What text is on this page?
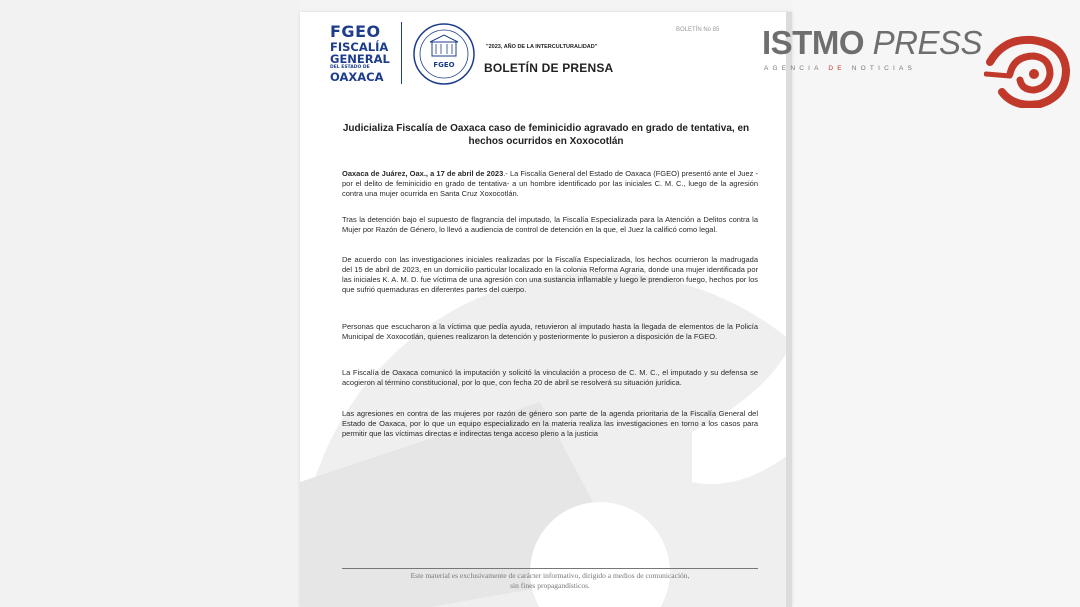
FGEO
FISCALÍA
GENERAL
DEL ESTADO DE
OAXACA
FGEO
"2023, AÑO DE LA INTERCULTURALIDAD"
BOLETÍN DE PRENSA
BOLETÍN No 85
Judicializa Fiscalía de Oaxaca caso de feminicidio agravado en grado de tentativa, en hechos ocurridos en Xoxocotlán

Oaxaca de Juárez, Oax., a 17 de abril de 2023.- La Fiscalía General del Estado de Oaxaca (FGEO) presentó ante el Juez -por el delito de feminicidio en grado de tentativa- a un hombre identificado por las iniciales C. M. C., luego de la agresión contra una mujer ocurrida en Santa Cruz Xoxocotlán.

Tras la detención bajo el supuesto de flagrancia del imputado, la Fiscalía Especializada para la Atención a Delitos contra la Mujer por Razón de Género, lo llevó a audiencia de control de detención en la que, el Juez la calificó como legal.

De acuerdo con las investigaciones iniciales realizadas por la Fiscalía Especializada, los hechos ocurrieron la madrugada del 15 de abril de 2023, en un domicilio particular localizado en la colonia Reforma Agraria, donde una mujer identificada por las iniciales K. A. M. D. fue víctima de una agresión con una sustancia inflamable y luego le prendieron fuego, hechos por los que sufrió quemaduras en diferentes partes del cuerpo.

Personas que escucharon a la víctima que pedía ayuda, retuvieron al imputado hasta la llegada de elementos de la Policía Municipal de Xoxocotlán, quienes realizaron la detención y posteriormente lo pusieron a disposición de la FGEO.

La Fiscalía de Oaxaca comunicó la imputación y solicitó la vinculación a proceso de C. M. C., el imputado y su defensa se acogieron al término constitucional, por lo que, con fecha 20 de abril se resolverá su situación jurídica.

Las agresiones en contra de las mujeres por razón de género son parte de la agenda prioritaria de la Fiscalía General del Estado de Oaxaca, por lo que un equipo especializado en la materia realiza las investigaciones en torno a los casos para permitir que las víctimas directas e indirectas tenga acceso pleno a la justicia

Este material es exclusivamente de carácter informativo, dirigido a medios de comunicación,
sin fines propagandísticos.
ISTMO PRESS
AGENCIA DE NOTICIAS
